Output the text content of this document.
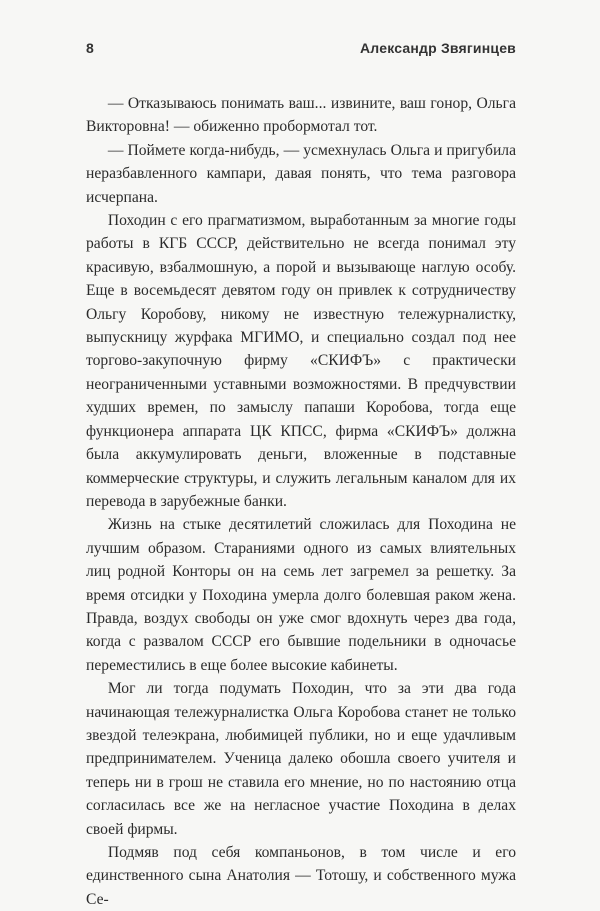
8	Александр Звягинцев

— Отказываюсь понимать ваш... извините, ваш гонор, Ольга Викторовна! — обиженно пробормотал тот.

— Поймете когда-нибудь, — усмехнулась Ольга и пригубила неразбавленного кампари, давая понять, что тема разговора исчерпана.

Походин с его прагматизмом, выработанным за многие годы работы в КГБ СССР, действительно не всегда понимал эту красивую, взбалмошную, а порой и вызывающе наглую особу. Еще в восемьдесят девятом году он привлек к сотрудничеству Ольгу Коробову, никому не известную тележурналистку, выпускницу журфака МГИМО, и специально создал под нее торгово-закупочную фирму «СКИФЪ» с практически неограниченными уставными возможностями. В предчувствии худших времен, по замыслу папаши Коробова, тогда еще функционера аппарата ЦК КПСС, фирма «СКИФЪ» должна была аккумулировать деньги, вложенные в подставные коммерческие структуры, и служить легальным каналом для их перевода в зарубежные банки.

Жизнь на стыке десятилетий сложилась для Походина не лучшим образом. Стараниями одного из самых влиятельных лиц родной Конторы он на семь лет загремел за решетку. За время отсидки у Походина умерла долго болевшая раком жена. Правда, воздух свободы он уже смог вдохнуть через два года, когда с развалом СССР его бывшие подельники в одночасье переместились в еще более высокие кабинеты.

Мог ли тогда подумать Походин, что за эти два года начинающая тележурналистка Ольга Коробова станет не только звездой телеэкрана, любимицей публики, но и еще удачливым предпринимателем. Ученица далеко обошла своего учителя и теперь ни в грош не ставила его мнение, но по настоянию отца согласилась все же на негласное участие Походина в делах своей фирмы.

Подмяв под себя компаньонов, в том числе и его единственного сына Анатолия — Тотошу, и собственного мужа Се-
